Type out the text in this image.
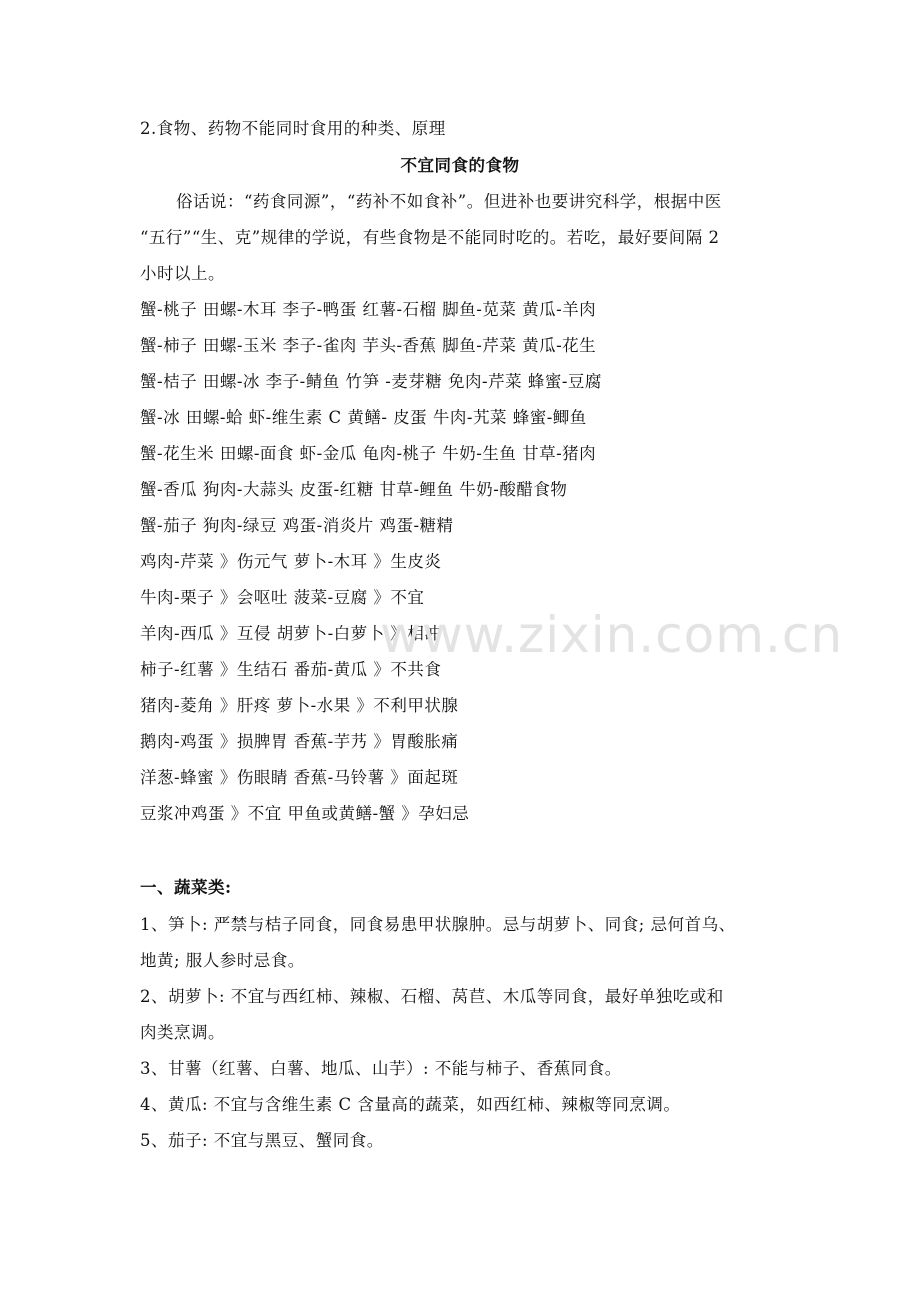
2.食物、药物不能同时食用的种类、原理
不宜同食的食物
俗话说：“药食同源”，“药补不如食补”。但进补也要讲究科学，根据中医
“五行”“生、克”规律的学说，有些食物是不能同时吃的。若吃，最好要间隔 2
小时以上。
蟹-桃子 田螺-木耳 李子-鸭蛋 红薯-石榴 脚鱼-苋菜 黄瓜-羊肉
蟹-柿子 田螺-玉米 李子-雀肉 芋头-香蕉 脚鱼-芹菜 黄瓜-花生
蟹-桔子 田螺-冰 李子-鲭鱼 竹笋 -麦芽糖 免肉-芹菜 蜂蜜-豆腐
蟹-冰 田螺-蛤 虾-维生素 C 黄鳝- 皮蛋 牛肉-艽菜 蜂蜜-鲫鱼
蟹-花生米 田螺-面食 虾-金瓜 龟肉-桃子 牛奶-生鱼 甘草-猪肉
蟹-香瓜 狗肉-大蒜头 皮蛋-红糖 甘草-鲤鱼 牛奶-酸醋食物
蟹-茄子 狗肉-绿豆 鸡蛋-消炎片 鸡蛋-糖精
鸡肉-芹菜 》伤元气 萝卜-木耳 》生皮炎
牛肉-栗子 》会呕吐 菠菜-豆腐 》不宜
羊肉-西瓜 》互侵 胡萝卜-白萝卜 》相冲
柿子-红薯 》生结石 番茄-黄瓜 》不共食
猪肉-菱角 》肝疼 萝卜-水果 》不利甲状腺
鹅肉-鸡蛋 》损脾胃 香蕉-芋艿 》胃酸胀痛
洋葱-蜂蜜 》伤眼睛 香蕉-马铃薯 》面起斑
豆浆冲鸡蛋 》不宜 甲鱼或黄鳝-蟹 》孕妇忌
一、蔬菜类:
1、笋卜: 严禁与桔子同食，同食易患甲状腺肿。忌与胡萝卜、同食; 忌何首乌、
地黄; 服人参时忌食。
2、胡萝卜: 不宜与西红柿、辣椒、石榴、莴苣、木瓜等同食，最好单独吃或和
肉类烹调。
3、甘薯（红薯、白薯、地瓜、山芋）: 不能与柿子、香蕉同食。
4、黄瓜: 不宜与含维生素 C 含量高的蔬菜，如西红柿、辣椒等同烹调。
5、茄子: 不宜与黑豆、蟹同食。
www.zixin.com.cn
